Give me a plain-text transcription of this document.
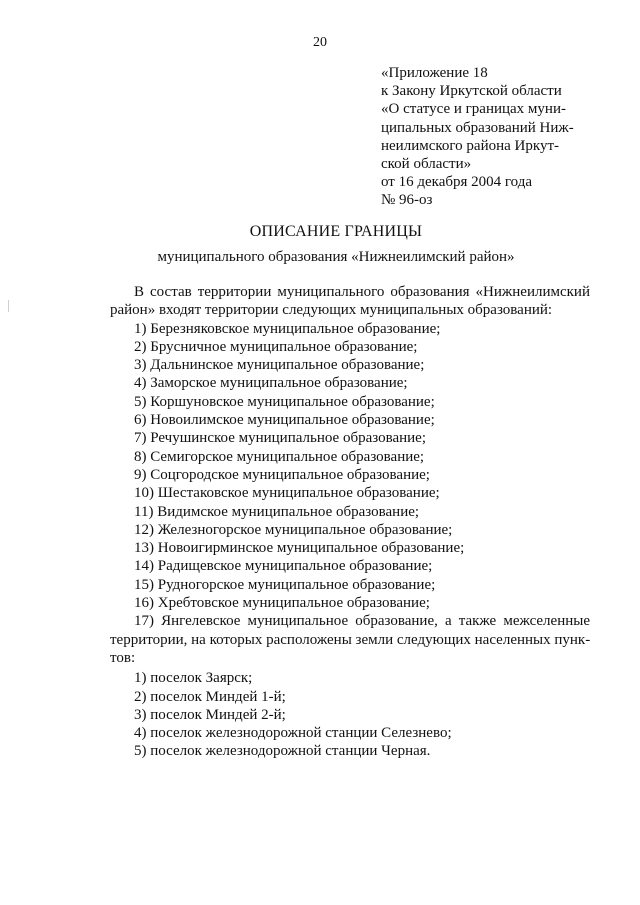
20
«Приложение 18
к Закону Иркутской области
«О статусе и границах муни-
ципальных образований Ниж-
неилимского района Иркут-
ской области»
от 16 декабря 2004 года
№ 96-оз
ОПИСАНИЕ ГРАНИЦЫ
муниципального образования «Нижнеилимский район»
В состав территории муниципального образования «Нижнеилимский
район» входят территории следующих муниципальных образований:
1) Березняковское муниципальное образование;
2) Брусничное муниципальное образование;
3) Дальнинское муниципальное образование;
4) Заморское муниципальное образование;
5) Коршуновское муниципальное образование;
6) Новоилимское муниципальное образование;
7) Речушинское муниципальное образование;
8) Семигорское муниципальное образование;
9) Соцгородское муниципальное образование;
10) Шестаковское муниципальное образование;
11) Видимское муниципальное образование;
12) Железногорское муниципальное образование;
13) Новоигирминское муниципальное образование;
14) Радищевское муниципальное образование;
15) Рудногорское муниципальное образование;
16) Хребтовское муниципальное образование;
17) Янгелевское муниципальное образование, а также межселенные
территории, на которых расположены земли следующих населенных пунк-
тов:
1) поселок Заярск;
2) поселок Миндей 1-й;
3) поселок Миндей 2-й;
4) поселок железнодорожной станции Селезнево;
5) поселок железнодорожной станции Черная.
